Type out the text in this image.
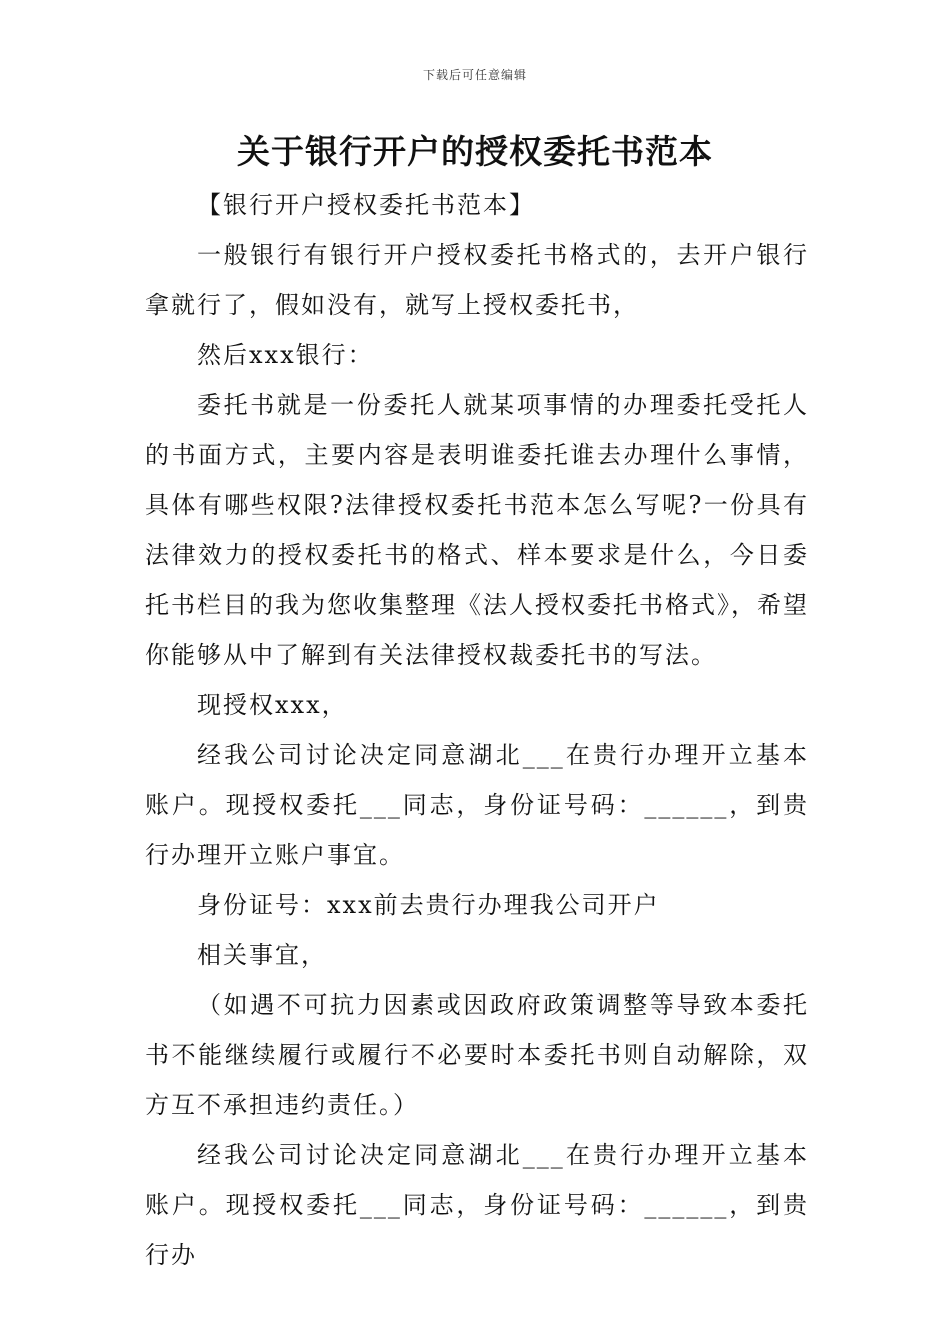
下载后可任意编辑
关于银行开户的授权委托书范本

【银行开户授权委托书范本】

一般银行有银行开户授权委托书格式的，去开户银行拿就行了，假如没有，就写上授权委托书，

然后xxx银行：

委托书就是一份委托人就某项事情的办理委托受托人的书面方式，主要内容是表明谁委托谁去办理什么事情，具体有哪些权限?法律授权委托书范本怎么写呢?一份具有法律效力的授权委托书的格式、样本要求是什么，今日委托书栏目的我为您收集整理《法人授权委托书格式》，希望你能够从中了解到有关法律授权裁委托书的写法。

现授权xxx，

经我公司讨论决定同意湖北___在贵行办理开立基本账户。现授权委托___同志，身份证号码：______，到贵行办理开立账户事宜。

身份证号：xxx前去贵行办理我公司开户

相关事宜，

（如遇不可抗力因素或因政府政策调整等导致本委托书不能继续履行或履行不必要时本委托书则自动解除，双方互不承担违约责任。）

经我公司讨论决定同意湖北___在贵行办理开立基本账户。现授权委托___同志，身份证号码：______，到贵行办
